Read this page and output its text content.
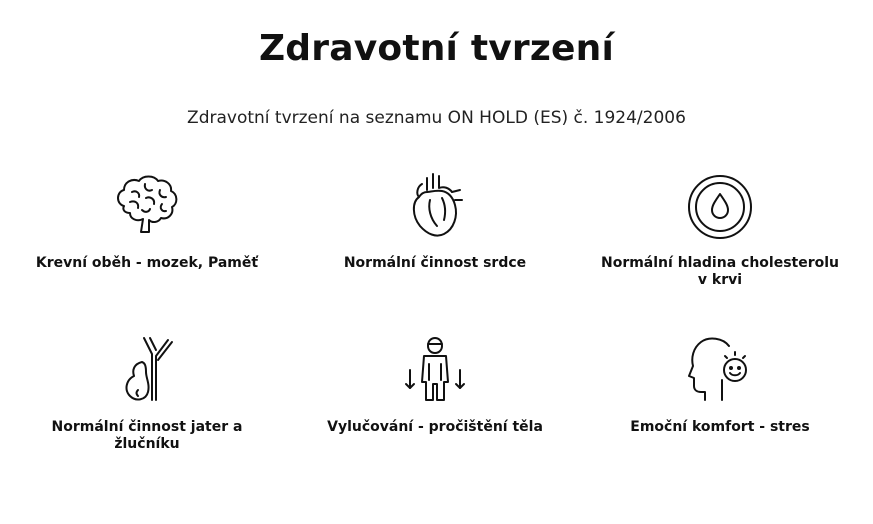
Zdravotní tvrzení

Zdravotní tvrzení na seznamu ON HOLD (ES) č. 1924/2006

Krevní oběh - mozek, Paměť	Normální činnost srdce	Normální hladina cholesterolu v krvi
Normální činnost jater a žlučníku
Vylučování - pročištění těla	Emoční komfort - stres
